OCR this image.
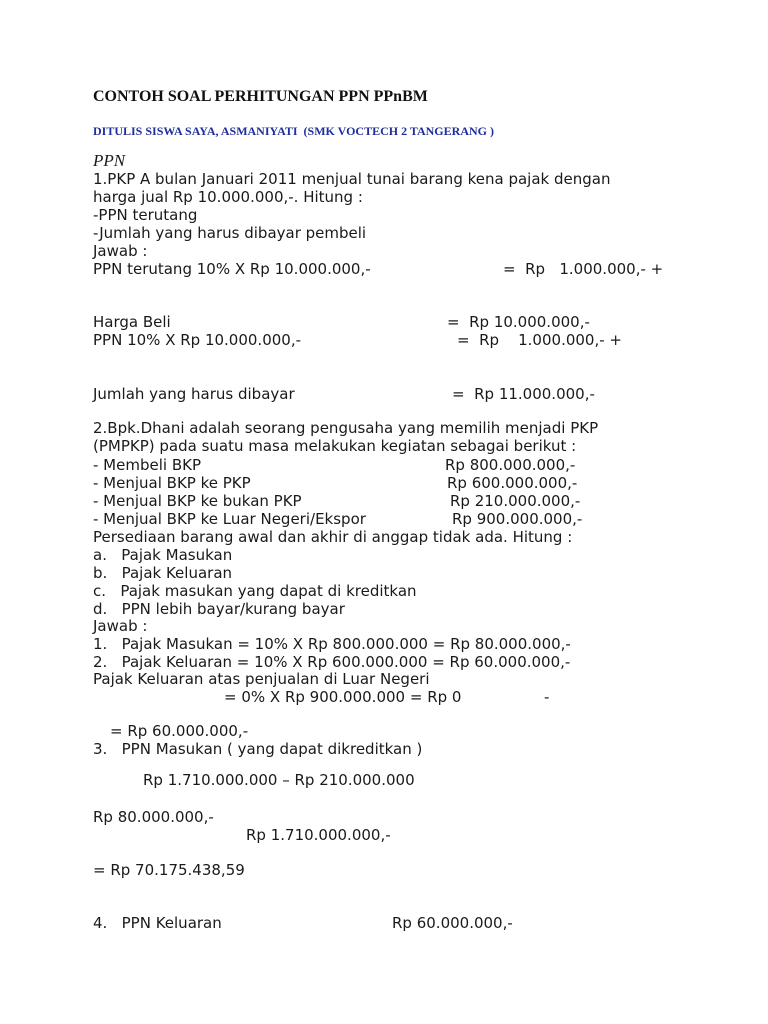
CONTOH SOAL PERHITUNGAN PPN PPnBM
DITULIS SISWA SAYA, ASMANIYATI  (SMK VOCTECH 2 TANGERANG )
PPN
1.PKP A bulan Januari 2011 menjual tunai barang kena pajak dengan
harga jual Rp 10.000.000,-. Hitung :
-PPN terutang
-Jumlah yang harus dibayar pembeli
Jawab :
PPN terutang 10% X Rp 10.000.000,-	=  Rp   1.000.000,- +
Harga Beli	=  Rp 10.000.000,-
PPN 10% X Rp 10.000.000,-	=  Rp    1.000.000,- +
Jumlah yang harus dibayar	=  Rp 11.000.000,-
2.Bpk.Dhani adalah seorang pengusaha yang memilih menjadi PKP
(PMPKP) pada suatu masa melakukan kegiatan sebagai berikut :
- Membeli BKP	Rp 800.000.000,-
- Menjual BKP ke PKP	Rp 600.000.000,-
- Menjual BKP ke bukan PKP	Rp 210.000.000,-
- Menjual BKP ke Luar Negeri/Ekspor	Rp 900.000.000,-
Persediaan barang awal dan akhir di anggap tidak ada. Hitung :
a.   Pajak Masukan
b.   Pajak Keluaran
c.   Pajak masukan yang dapat di kreditkan
d.   PPN lebih bayar/kurang bayar
Jawab :
1.   Pajak Masukan = 10% X Rp 800.000.000 = Rp 80.000.000,-
2.   Pajak Keluaran = 10% X Rp 600.000.000 = Rp 60.000.000,-
Pajak Keluaran atas penjualan di Luar Negeri
= 0% X Rp 900.000.000 = Rp 0	-
= Rp 60.000.000,-
3.   PPN Masukan ( yang dapat dikreditkan )
Rp 1.710.000.000 – Rp 210.000.000
Rp 80.000.000,-
Rp 1.710.000.000,-
= Rp 70.175.438,59
4.   PPN Keluaran	Rp 60.000.000,-
